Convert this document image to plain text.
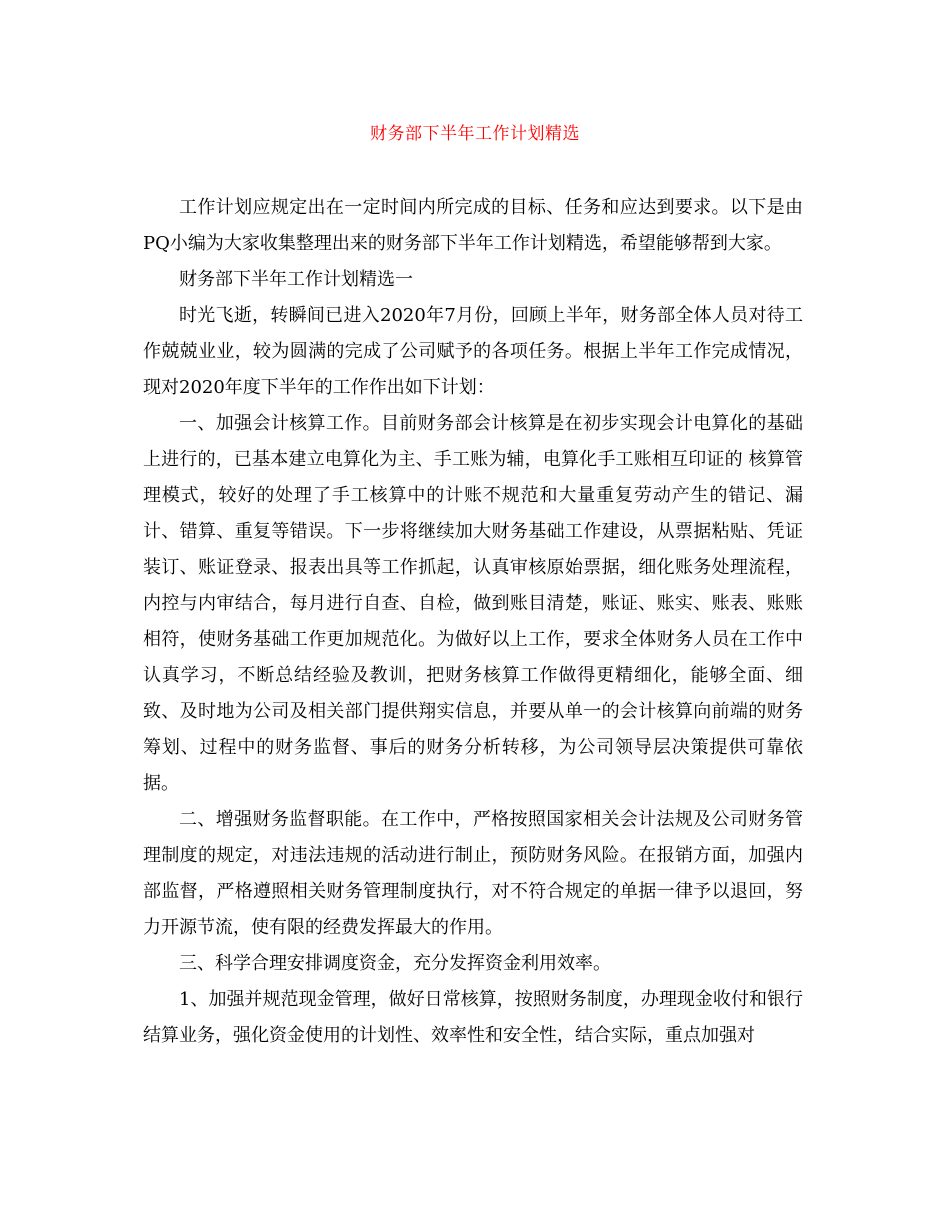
财务部下半年工作计划精选

工作计划应规定出在一定时间内所完成的目标、任务和应达到要求。以下是由PQ小编为大家收集整理出来的财务部下半年工作计划精选，希望能够帮到大家。

财务部下半年工作计划精选一

时光飞逝，转瞬间已进入2020年7月份，回顾上半年，财务部全体人员对待工作兢兢业业，较为圆满的完成了公司赋予的各项任务。根据上半年工作完成情况，现对2020年度下半年的工作作出如下计划：

一、加强会计核算工作。目前财务部会计核算是在初步实现会计电算化的基础上进行的，已基本建立电算化为主、手工账为辅，电算化手工账相互印证的 核算管理模式，较好的处理了手工核算中的计账不规范和大量重复劳动产生的错记、漏计、错算、重复等错误。下一步将继续加大财务基础工作建设，从票据粘贴、凭证装订、账证登录、报表出具等工作抓起，认真审核原始票据，细化账务处理流程，内控与内审结合，每月进行自查、自检，做到账目清楚，账证、账实、账表、账账相符，使财务基础工作更加规范化。为做好以上工作，要求全体财务人员在工作中认真学习，不断总结经验及教训，把财务核算工作做得更精细化，能够全面、细致、及时地为公司及相关部门提供翔实信息，并要从单一的会计核算向前端的财务筹划、过程中的财务监督、事后的财务分析转移，为公司领导层决策提供可靠依据。

二、增强财务监督职能。在工作中，严格按照国家相关会计法规及公司财务管理制度的规定，对违法违规的活动进行制止，预防财务风险。在报销方面，加强内部监督，严格遵照相关财务管理制度执行，对不符合规定的单据一律予以退回，努力开源节流，使有限的经费发挥最大的作用。

三、科学合理安排调度资金，充分发挥资金利用效率。

1、加强并规范现金管理，做好日常核算，按照财务制度，办理现金收付和银行结算业务，强化资金使用的计划性、效率性和安全性，结合实际，重点加强对
